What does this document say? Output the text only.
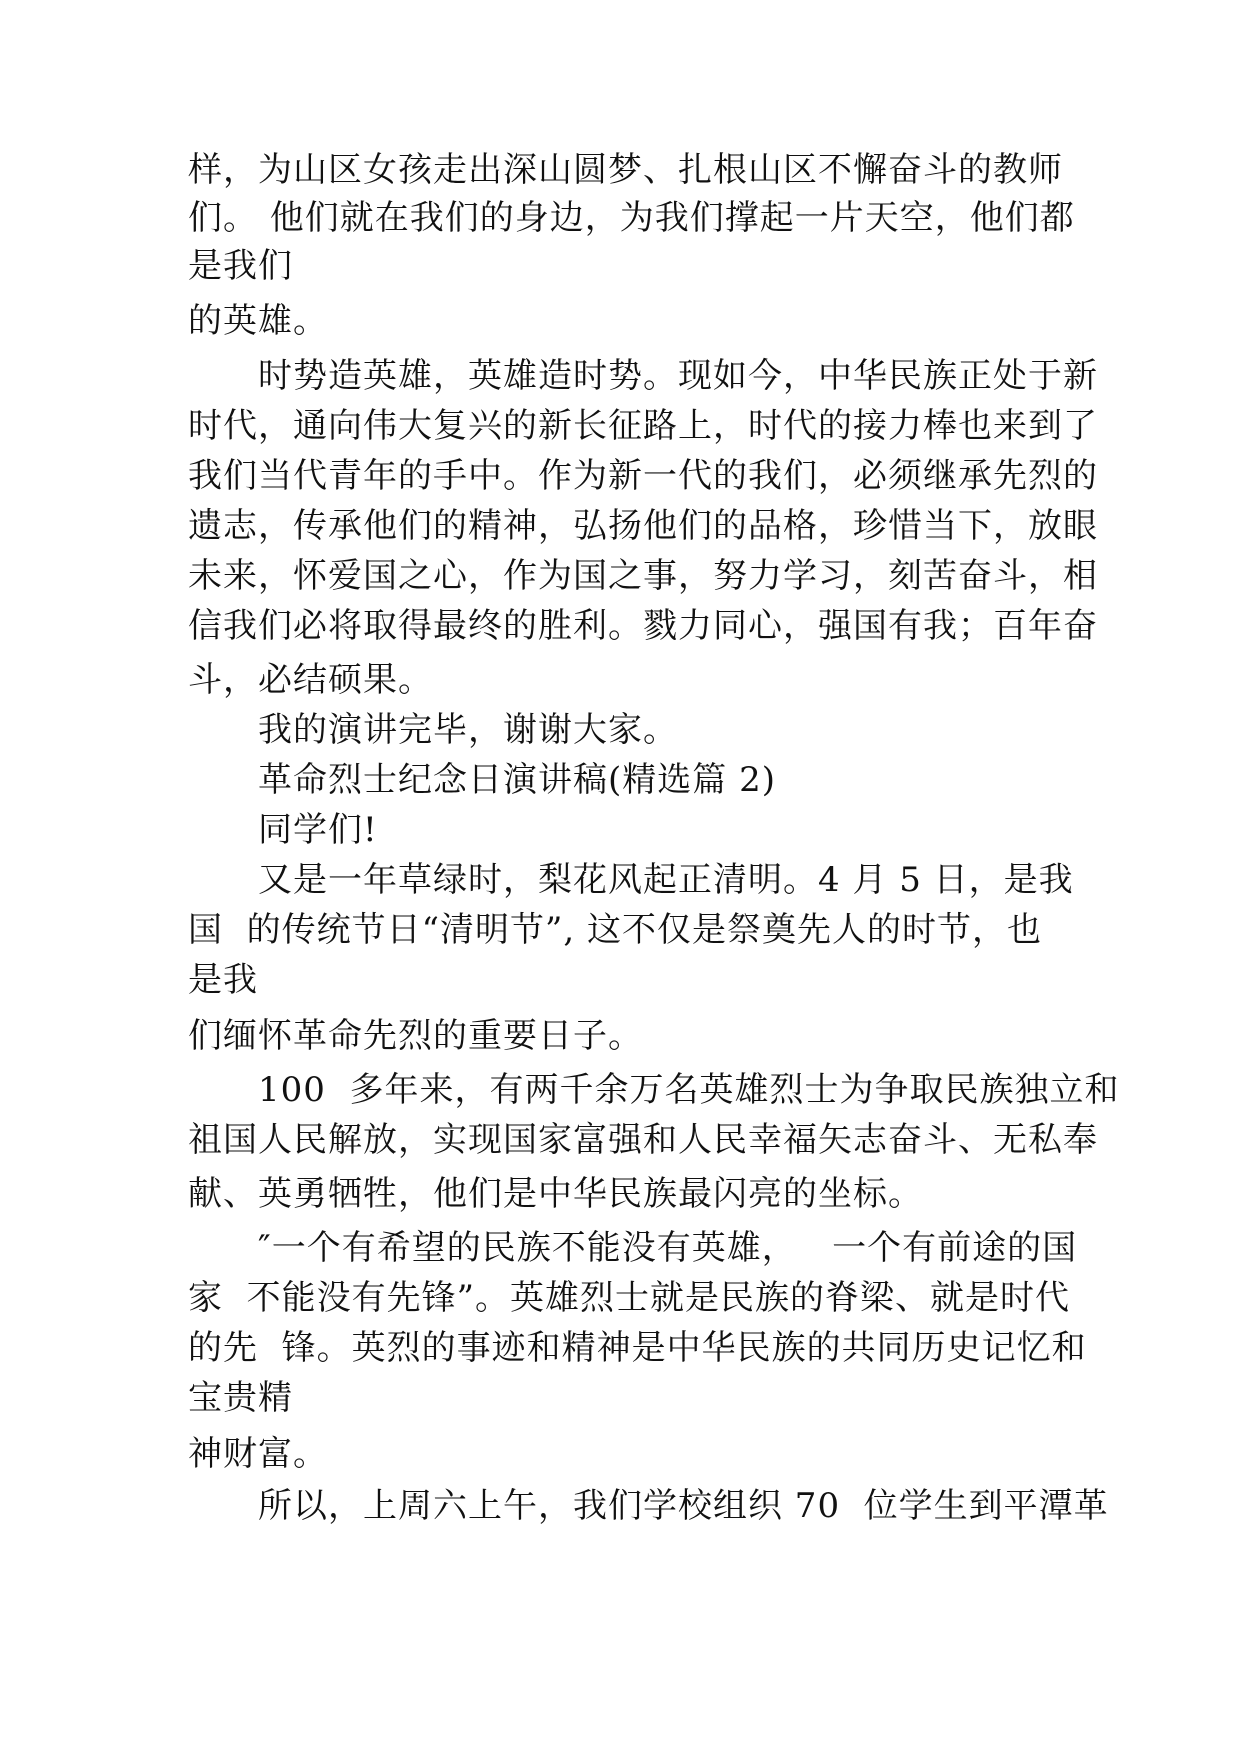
样，为山区女孩走出深山圆梦、扎根山区不懈奋斗的教师
们。 他们就在我们的身边，为我们撑起一片天空，他们都
是我们
的英雄。
时势造英雄，英雄造时势。现如今，中华民族正处于新
时代，通向伟大复兴的新长征路上，时代的接力棒也来到了
我们当代青年的手中。作为新一代的我们，必须继承先烈的
遗志，传承他们的精神，弘扬他们的品格，珍惜当下，放眼
未来，怀爱国之心，作为国之事，努力学习，刻苦奋斗，相
信我们必将取得最终的胜利。戮力同心，强国有我；百年奋
斗，必结硕果。
我的演讲完毕，谢谢大家。
革命烈士纪念日演讲稿(精选篇 2)
同学们!
又是一年草绿时，梨花风起正清明。4 月 5 日，是我
国  的传统节日“清明节”, 这不仅是祭奠先人的时节，也
是我
们缅怀革命先烈的重要日子。
100  多年来，有两千余万名英雄烈士为争取民族独立和
祖国人民解放，实现国家富强和人民幸福矢志奋斗、无私奉
献、英勇牺牲，他们是中华民族最闪亮的坐标。
″一个有希望的民族不能没有英雄，   一个有前途的国
家  不能没有先锋”。英雄烈士就是民族的脊梁、就是时代
的先  锋。英烈的事迹和精神是中华民族的共同历史记忆和
宝贵精
神财富。
所以，上周六上午，我们学校组织 70  位学生到平潭革
